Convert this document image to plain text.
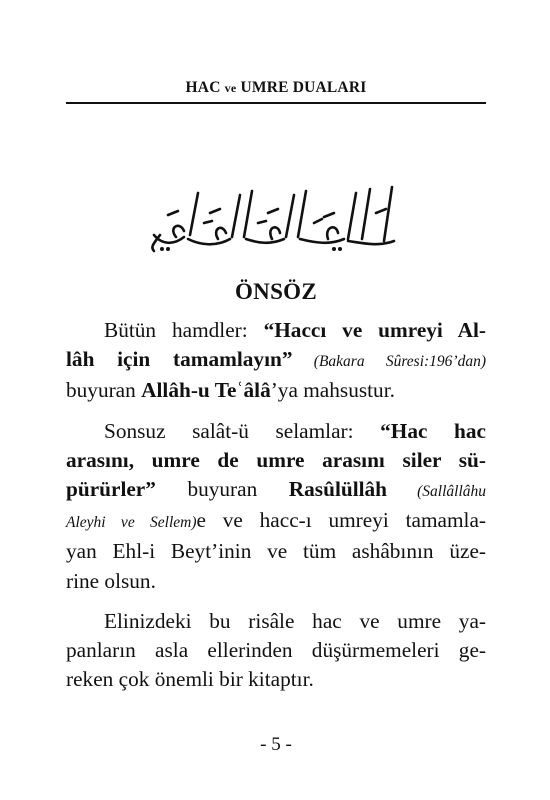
HAC ve UMRE DUALARI
ÖNSÖZ
Bütün hamdler: “Haccı ve umreyi Al-
lâh için tamamlayın” (Bakara Sûresi:196’dan)
buyuran Allâh-u Teʿâlâ’ya mahsustur.
Sonsuz salât-ü selamlar: “Hac hac
arasını, umre de umre arasını siler sü-
pürürler” buyuran Rasûlüllâh (Sallâllâhu
Aleyhi ve Sellem)e ve hacc-ı umreyi tamamla-
yan Ehl-i Beyt’inin ve tüm ashâbının üze-
rine olsun.
Elinizdeki bu risâle hac ve umre ya-
panların asla ellerinden düşürmemeleri ge-
reken çok önemli bir kitaptır.
- 5 -
